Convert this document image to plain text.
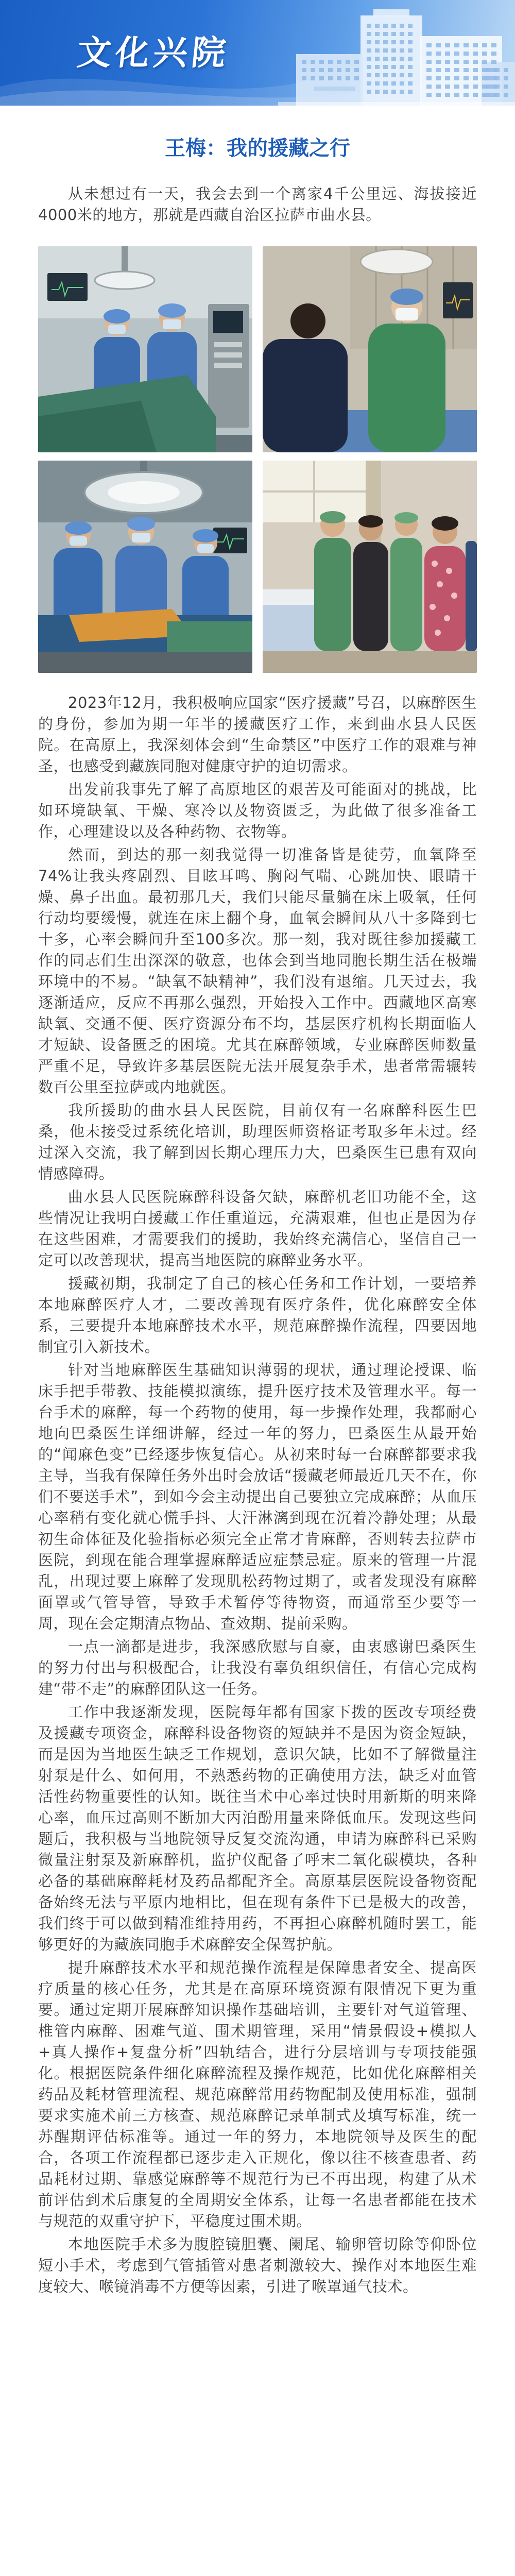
文化兴院
王梅：我的援藏之行

从未想过有一天，我会去到一个离家4千公里远、海拔接近4000米的地方，那就是西藏自治区拉萨市曲水县。

2023年12月，我积极响应国家“医疗援藏”号召，以麻醉医生的身份，参加为期一年半的援藏医疗工作，来到曲水县人民医院。在高原上，我深刻体会到“生命禁区”中医疗工作的艰难与神圣，也感受到藏族同胞对健康守护的迫切需求。

出发前我事先了解了高原地区的艰苦及可能面对的挑战，比如环境缺氧、干燥、寒冷以及物资匮乏，为此做了很多准备工作，心理建设以及各种药物、衣物等。

然而，到达的那一刻我觉得一切准备皆是徒劳，血氧降至74%让我头疼剧烈、目眩耳鸣、胸闷气喘、心跳加快、眼睛干燥、鼻子出血。最初那几天，我们只能尽量躺在床上吸氧，任何行动均要缓慢，就连在床上翻个身，血氧会瞬间从八十多降到七十多，心率会瞬间升至100多次。那一刻，我对既往参加援藏工作的同志们生出深深的敬意，也体会到当地同胞长期生活在极端环境中的不易。“缺氧不缺精神”，我们没有退缩。几天过去，我逐渐适应，反应不再那么强烈，开始投入工作中。西藏地区高寒缺氧、交通不便、医疗资源分布不均，基层医疗机构长期面临人才短缺、设备匮乏的困境。尤其在麻醉领域，专业麻醉医师数量严重不足，导致许多基层医院无法开展复杂手术，患者常需辗转数百公里至拉萨或内地就医。

我所援助的曲水县人民医院，目前仅有一名麻醉科医生巴桑，他未接受过系统化培训，助理医师资格证考取多年未过。经过深入交流，我了解到因长期心理压力大，巴桑医生已患有双向情感障碍。

曲水县人民医院麻醉科设备欠缺，麻醉机老旧功能不全，这些情况让我明白援藏工作任重道远，充满艰难，但也正是因为存在这些困难，才需要我们的援助，我始终充满信心，坚信自己一定可以改善现状，提高当地医院的麻醉业务水平。

援藏初期，我制定了自己的核心任务和工作计划，一要培养本地麻醉医疗人才，二要改善现有医疗条件，优化麻醉安全体系，三要提升本地麻醉技术水平，规范麻醉操作流程，四要因地制宜引入新技术。

针对当地麻醉医生基础知识薄弱的现状，通过理论授课、临床手把手带教、技能模拟演练，提升医疗技术及管理水平。每一台手术的麻醉，每一个药物的使用，每一步操作处理，我都耐心地向巴桑医生详细讲解，经过一年的努力，巴桑医生从最开始的“闻麻色变”已经逐步恢复信心。从初来时每一台麻醉都要求我主导，当我有保障任务外出时会放话“援藏老师最近几天不在，你们不要送手术”，到如今会主动提出自己要独立完成麻醉；从血压心率稍有变化就心慌手抖、大汗淋漓到现在沉着冷静处理；从最初生命体征及化验指标必须完全正常才肯麻醉，否则转去拉萨市医院，到现在能合理掌握麻醉适应症禁忌症。原来的管理一片混乱，出现过要上麻醉了发现肌松药物过期了，或者发现没有麻醉面罩或气管导管，导致手术暂停等待物资，而通常至少要等一周，现在会定期清点物品、查效期、提前采购。

一点一滴都是进步，我深感欣慰与自豪，由衷感谢巴桑医生的努力付出与积极配合，让我没有辜负组织信任，有信心完成构建“带不走”的麻醉团队这一任务。

工作中我逐渐发现，医院每年都有国家下拨的医改专项经费及援藏专项资金，麻醉科设备物资的短缺并不是因为资金短缺，而是因为当地医生缺乏工作规划，意识欠缺，比如不了解微量注射泵是什么、如何用，不熟悉药物的正确使用方法，缺乏对血管活性药物重要性的认知。既往当术中心率过快时用新斯的明来降心率，血压过高则不断加大丙泊酚用量来降低血压。发现这些问题后，我积极与当地院领导反复交流沟通，申请为麻醉科已采购微量注射泵及新麻醉机，监护仪配备了呼末二氧化碳模块，各种必备的基础麻醉耗材及药品都配齐全。高原基层医院设备物资配备始终无法与平原内地相比，但在现有条件下已是极大的改善，我们终于可以做到精准维持用药，不再担心麻醉机随时罢工，能够更好的为藏族同胞手术麻醉安全保驾护航。

提升麻醉技术水平和规范操作流程是保障患者安全、提高医疗质量的核心任务，尤其是在高原环境资源有限情况下更为重要。通过定期开展麻醉知识操作基础培训，主要针对气道管理、椎管内麻醉、困难气道、围术期管理，采用“情景假设+模拟人+真人操作+复盘分析”四轨结合，进行分层培训与专项技能强化。根据医院条件细化麻醉流程及操作规范，比如优化麻醉相关药品及耗材管理流程、规范麻醉常用药物配制及使用标准，强制要求实施术前三方核查、规范麻醉记录单制式及填写标准，统一苏醒期评估标准等。通过一年的努力，本地院领导及医生的配合，各项工作流程都已逐步走入正规化，像以往不核查患者、药品耗材过期、靠感觉麻醉等不规范行为已不再出现，构建了从术前评估到术后康复的全周期安全体系，让每一名患者都能在技术与规范的双重守护下，平稳度过围术期。

本地医院手术多为腹腔镜胆囊、阑尾、输卵管切除等仰卧位短小手术，考虑到气管插管对患者刺激较大、操作对本地医生难度较大、喉镜消毒不方便等因素，引进了喉罩通气技术。
